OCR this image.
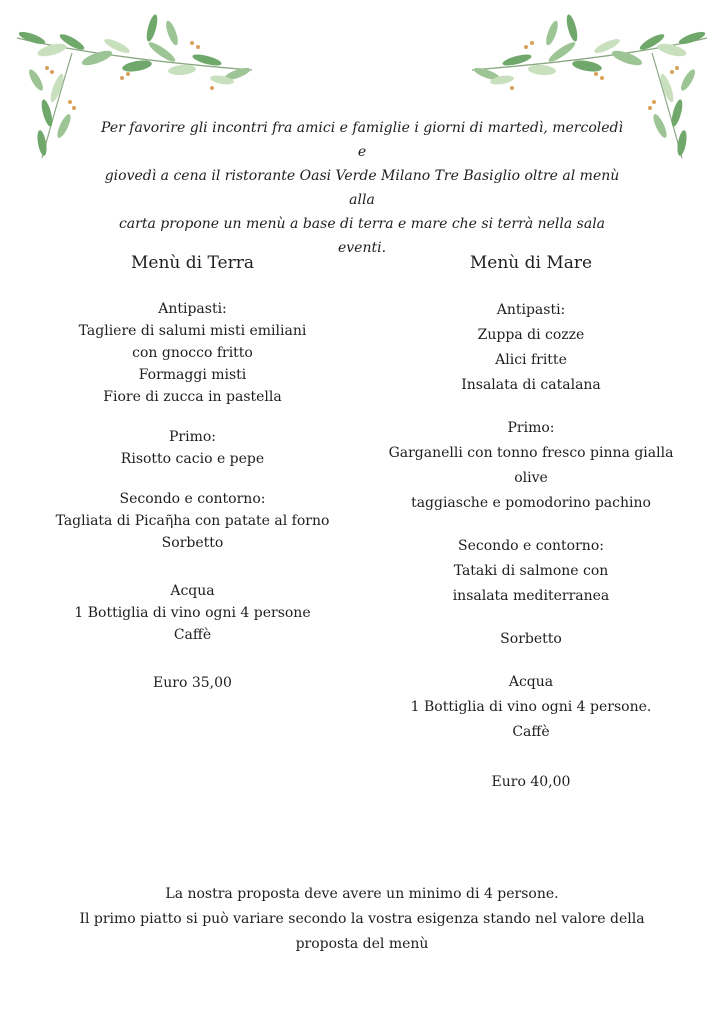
Per favorire gli incontri fra amici e famiglie i giorni di martedì, mercoledì e

giovedì a cena il ristorante Oasi Verde Milano Tre Basiglio oltre al menù alla

carta propone un menù a base di terra e mare che si terrà nella sala eventi.

Menù di Terra

Antipasti:

Tagliere di salumi misti emiliani

con gnocco fritto

Formaggi misti

Fiore di zucca in pastella

Primo:

Risotto cacio e pepe

Secondo e contorno:

Tagliata di Picaῆha con patate al forno

Sorbetto

Acqua

1 Bottiglia di vino ogni 4 persone

Caffè

Euro 35,00

Menù di Mare

Antipasti:

Zuppa di cozze

Alici fritte

Insalata di catalana

Primo:

Garganelli con tonno fresco pinna gialla olive

taggiasche e pomodorino pachino

Secondo e contorno:

Tataki di salmone con

insalata mediterranea

Sorbetto

Acqua

1 Bottiglia di vino ogni 4 persone.

Caffè

Euro 40,00

La nostra proposta deve avere un minimo di 4 persone.

Il primo piatto si può variare secondo la vostra esigenza stando nel valore della

proposta del menù
